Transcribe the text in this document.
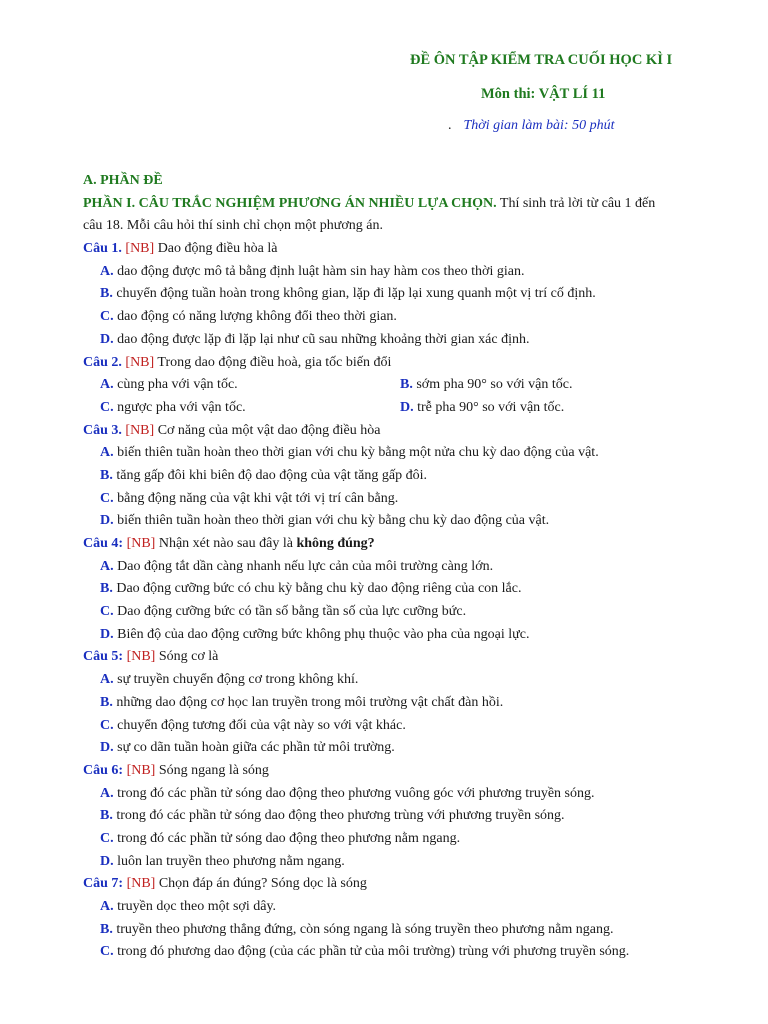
ĐỀ ÔN TẬP KIỂM TRA CUỐI HỌC KÌ I
Môn thi: VẬT LÍ 11
. Thời gian làm bài: 50 phút
A. PHẦN ĐỀ
PHẦN I. CÂU TRẮC NGHIỆM PHƯƠNG ÁN NHIỀU LỰA CHỌN. Thí sinh trả lời từ câu 1 đến
câu 18. Mỗi câu hỏi thí sinh chỉ chọn một phương án.
Câu 1. [NB] Dao động điều hòa là
A. dao động được mô tả bằng định luật hàm sin hay hàm cos theo thời gian.
B. chuyển động tuần hoàn trong không gian, lặp đi lặp lại xung quanh một vị trí cố định.
C. dao động có năng lượng không đổi theo thời gian.
D. dao động được lặp đi lặp lại như cũ sau những khoảng thời gian xác định.
Câu 2. [NB] Trong dao động điều hoà, gia tốc biến đổi
A. cùng pha với vận tốc.	B. sớm pha 90° so với vận tốc.
C. ngược pha với vận tốc.	D. trễ pha 90° so với vận tốc.
Câu 3. [NB] Cơ năng của một vật dao động điều hòa
A. biến thiên tuần hoàn theo thời gian với chu kỳ bằng một nửa chu kỳ dao động của vật.
B. tăng gấp đôi khi biên độ dao động của vật tăng gấp đôi.
C. bằng động năng của vật khi vật tới vị trí cân bằng.
D. biến thiên tuần hoàn theo thời gian với chu kỳ bằng chu kỳ dao động của vật.
Câu 4: [NB] Nhận xét nào sau đây là không đúng?
A. Dao động tắt dần càng nhanh nếu lực cản của môi trường càng lớn.
B. Dao động cưỡng bức có chu kỳ bằng chu kỳ dao động riêng của con lắc.
C. Dao động cưỡng bức có tần số bằng tần số của lực cưỡng bức.
D. Biên độ của dao động cưỡng bức không phụ thuộc vào pha của ngoại lực.
Câu 5: [NB] Sóng cơ là
A. sự truyền chuyển động cơ trong không khí.
B. những dao động cơ học lan truyền trong môi trường vật chất đàn hồi.
C. chuyển động tương đối của vật này so với vật khác.
D. sự co dãn tuần hoàn giữa các phần tử môi trường.
Câu 6: [NB] Sóng ngang là sóng
A. trong đó các phần tử sóng dao động theo phương vuông góc với phương truyền sóng.
B. trong đó các phần tử sóng dao động theo phương trùng với phương truyền sóng.
C. trong đó các phần tử sóng dao động theo phương nằm ngang.
D. luôn lan truyền theo phương nằm ngang.
Câu 7: [NB] Chọn đáp án đúng? Sóng dọc là sóng
A. truyền dọc theo một sợi dây.
B. truyền theo phương thẳng đứng, còn sóng ngang là sóng truyền theo phương nằm ngang.
C. trong đó phương dao động (của các phần tử của môi trường) trùng với phương truyền sóng.
